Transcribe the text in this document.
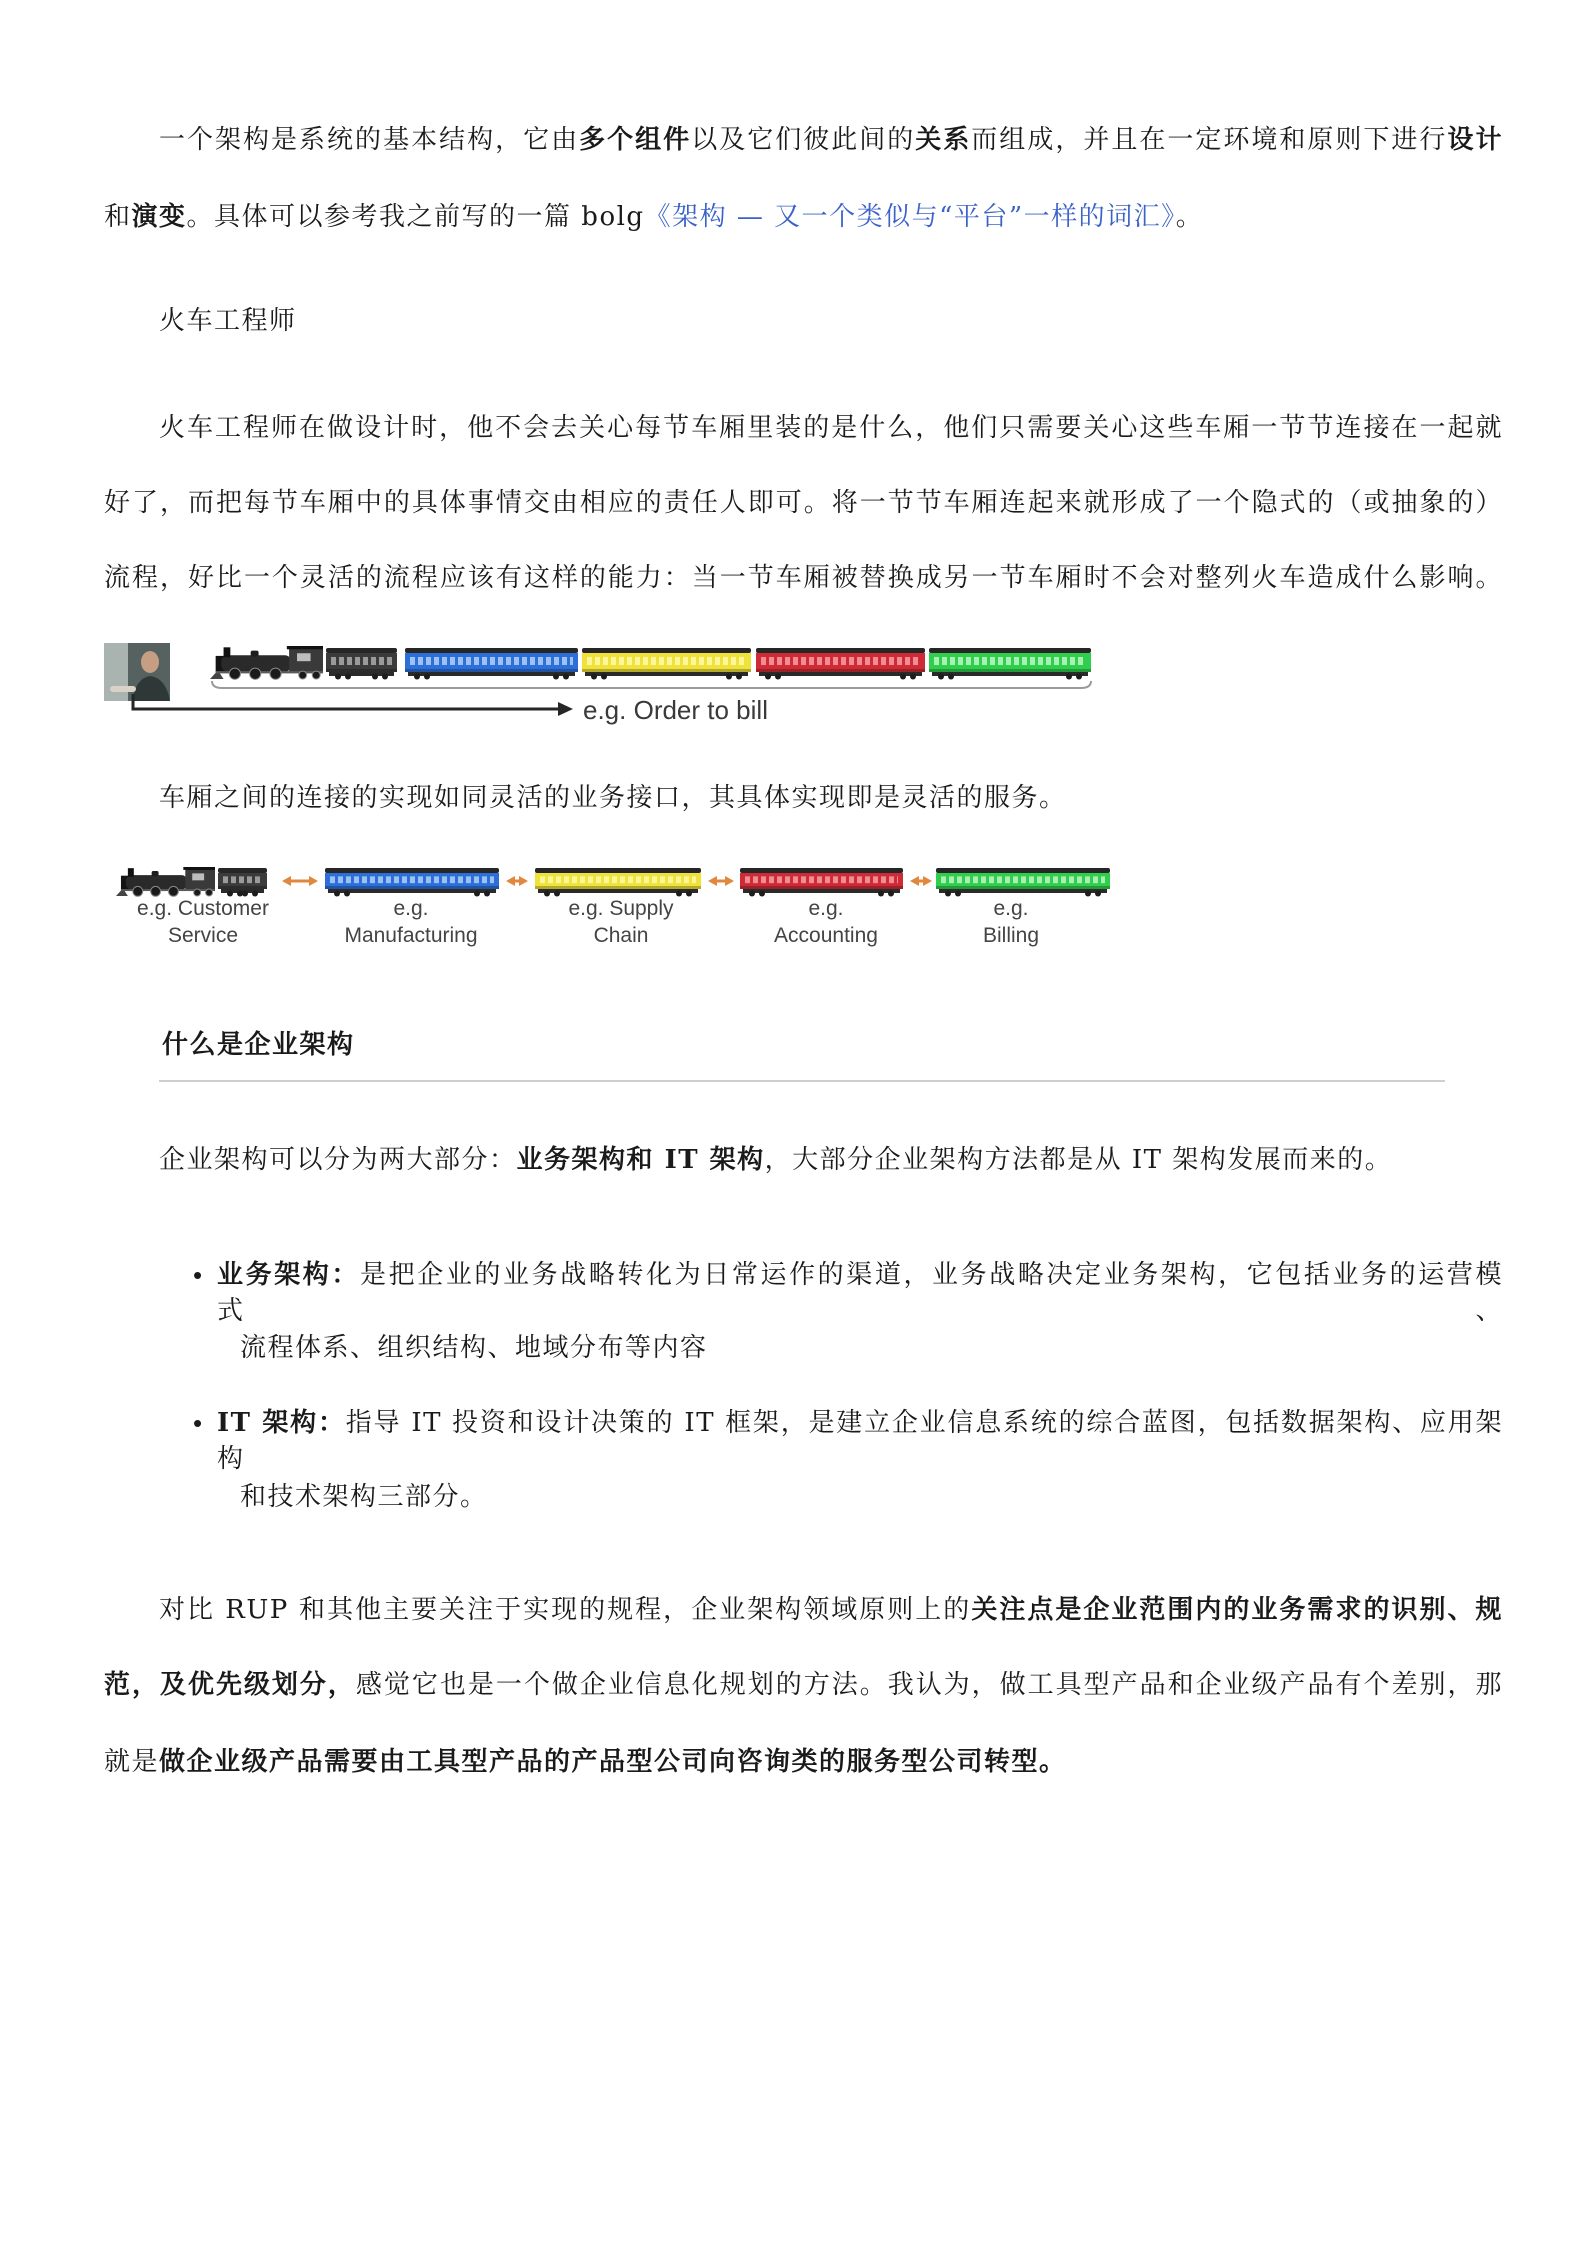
一个架构是系统的基本结构，它由多个组件以及它们彼此间的关系而组成，并且在一定环境和原则下进行设计
和演变。具体可以参考我之前写的一篇 bolg《架构 — 又一个类似与“平台”一样的词汇》。
火车工程师
火车工程师在做设计时，他不会去关心每节车厢里装的是什么，他们只需要关心这些车厢一节节连接在一起就
好了，而把每节车厢中的具体事情交由相应的责任人即可。将一节节车厢连起来就形成了一个隐式的（或抽象的）
流程，好比一个灵活的流程应该有这样的能力：当一节车厢被替换成另一节车厢时不会对整列火车造成什么影响。
e.g. Order to bill
车厢之间的连接的实现如同灵活的业务接口，其具体实现即是灵活的服务。
e.g. Customer
Service
e.g.
Manufacturing
e.g. Supply
Chain
e.g.
Accounting
e.g.
Billing
什么是企业架构
企业架构可以分为两大部分：业务架构和 IT 架构，大部分企业架构方法都是从 IT 架构发展而来的。
• 业务架构：是把企业的业务战略转化为日常运作的渠道，业务战略决定业务架构，它包括业务的运营模式、
流程体系、组织结构、地域分布等内容
• IT 架构：指导 IT 投资和设计决策的 IT 框架，是建立企业信息系统的综合蓝图，包括数据架构、应用架构
和技术架构三部分。
对比 RUP 和其他主要关注于实现的规程，企业架构领域原则上的关注点是企业范围内的业务需求的识别、规
范，及优先级划分，感觉它也是一个做企业信息化规划的方法。我认为，做工具型产品和企业级产品有个差别，那
就是做企业级产品需要由工具型产品的产品型公司向咨询类的服务型公司转型。
